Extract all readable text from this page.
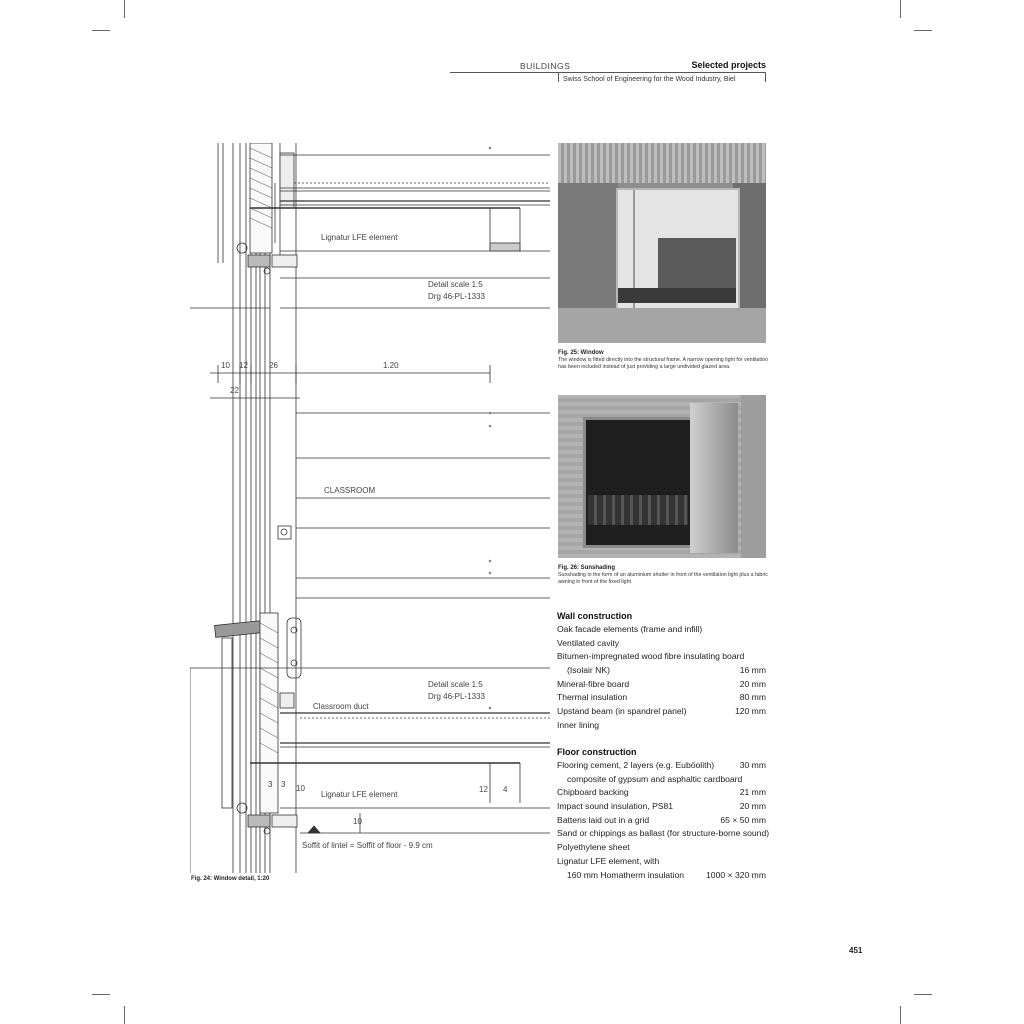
BUILDINGS	Selected projects
Swiss School of Engineering for the Wood Industry, Biel
Lignatur LFE element
Detail scale 1:5
Drg 46-PL-1333
10 12	26	1.20
22
CLASSROOM
Detail scale 1:5
Drg 46-PL-1333
Classroom duct
Lignatur LFE element
12 4
10
3 3 10
Soffit of lintel = Soffit of floor - 9.9 cm
Fig. 24: Window detail, 1:20
Fig. 25: Window
The window is fitted directly into the structural frame. A narrow opening light for ventilation has been included instead of just providing a large undivided glazed area.
Fig. 26: Sunshading
Sunshading in the form of an aluminium shutter in front of the ventilation light plus a fabric awning in front of the fixed light
Wall construction
Oak facade elements (frame and infill)
Ventilated cavity
Bitumen-impregnated wood fibre insulating board
(Isolair NK)	16 mm
Mineral-fibre board	20 mm
Thermal insulation	80 mm
Upstand beam (in spandrel panel)	120 mm
Inner lining
Floor construction
Flooring cement, 2 layers (e.g. Euböolith)	30 mm
composite of gypsum and asphaltic cardboard
Chipboard backing	21 mm
Impact sound insulation, PS81	20 mm
Battens laid out in a grid	65 × 50 mm
Sand or chippings as ballast (for structure-borne sound)
Polyethylene sheet
Lignatur LFE element, with
160 mm Homatherm insulation	1000 × 320 mm
451
